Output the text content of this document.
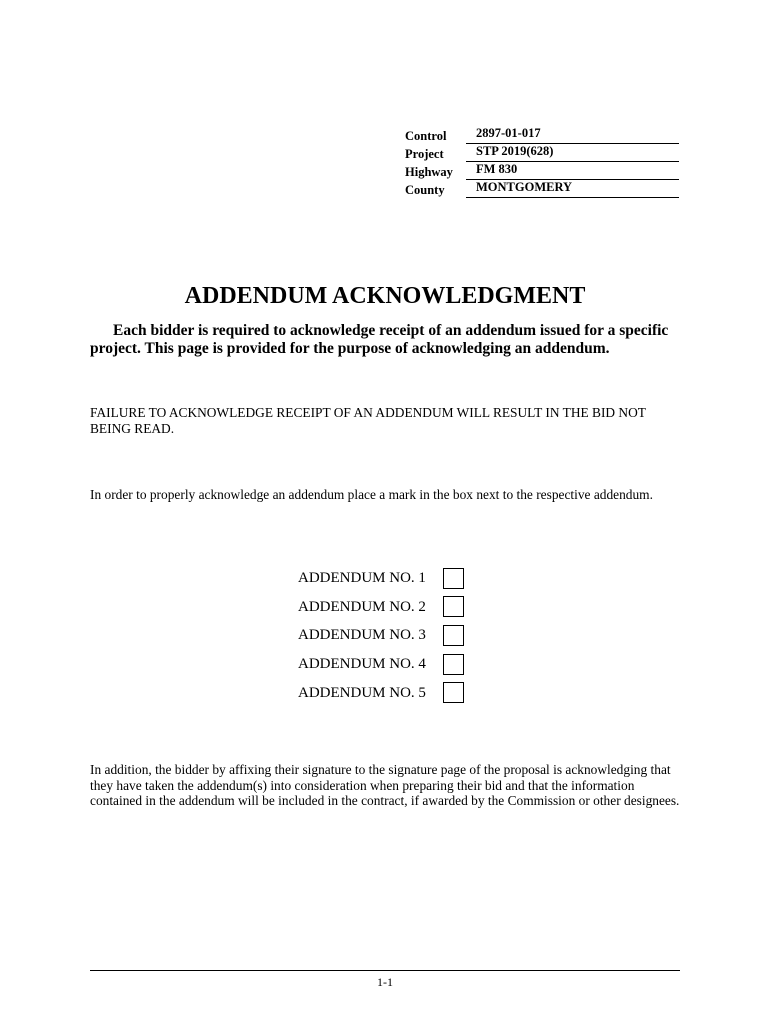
Control	2897-01-017
Project	STP 2019(628)
Highway	FM 830
County	MONTGOMERY
ADDENDUM ACKNOWLEDGMENT

Each bidder is required to acknowledge receipt of an addendum issued for a specific project. This page is provided for the purpose of acknowledging an addendum.

FAILURE TO ACKNOWLEDGE RECEIPT OF AN ADDENDUM WILL RESULT IN THE BID NOT BEING READ.

In order to properly acknowledge an addendum place a mark in the box next to the respective addendum.

ADDENDUM NO. 1
ADDENDUM NO. 2
ADDENDUM NO. 3
ADDENDUM NO. 4
ADDENDUM NO. 5

In addition, the bidder by affixing their signature to the signature page of the proposal is acknowledging that they have taken the addendum(s) into consideration when preparing their bid and that the information contained in the addendum will be included in the contract, if awarded by the Commission or other designees.

1-1
